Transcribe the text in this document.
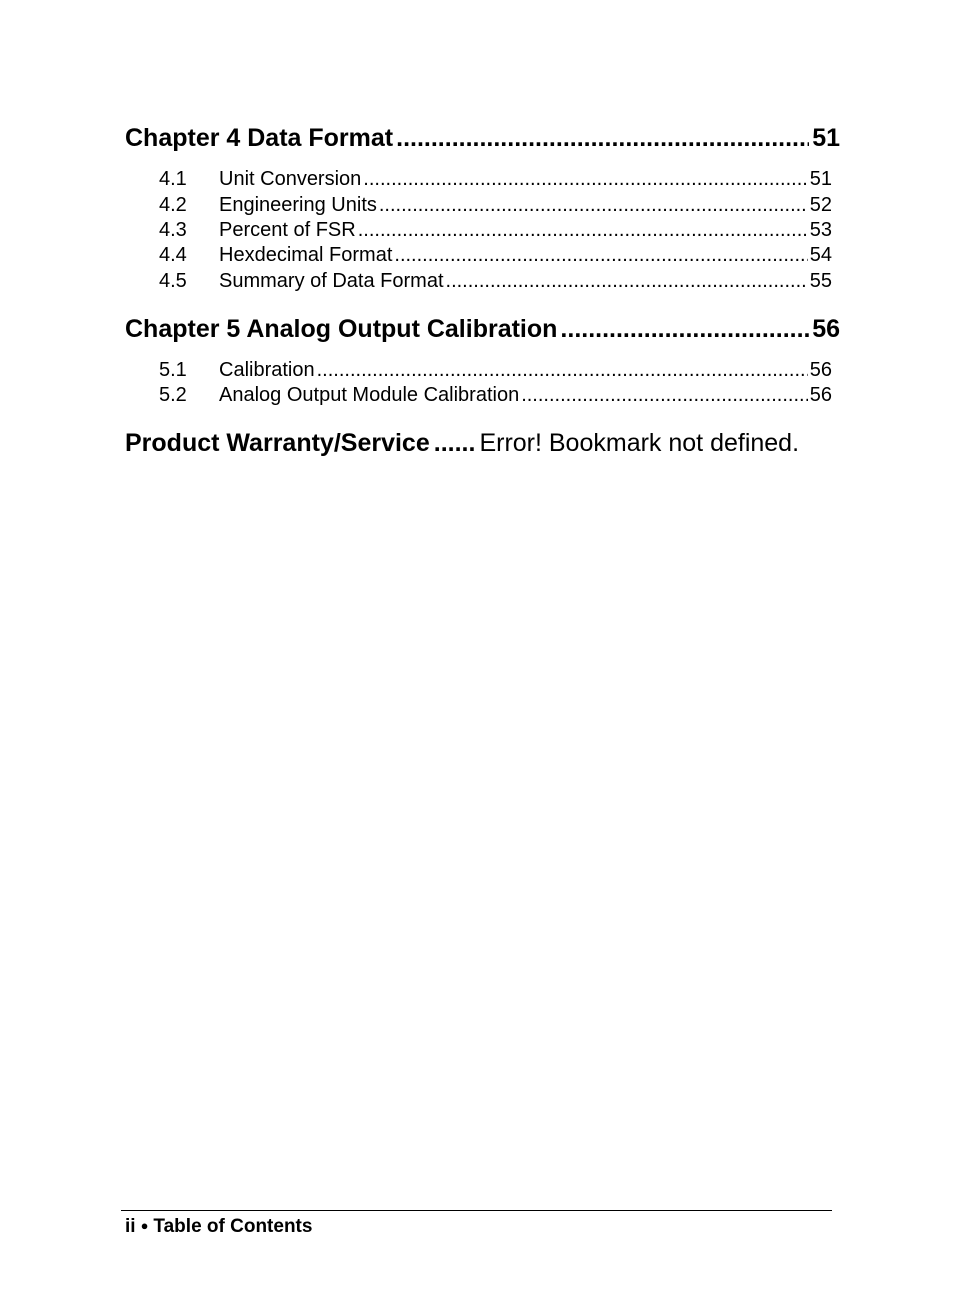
Chapter 4 Data Format .....	51
4.1	Unit Conversion .....	51
4.2	Engineering Units .....	52
4.3	Percent of FSR .....	53
4.4	Hexdecimal Format .....	54
4.5	Summary of Data Format .....	55
Chapter 5 Analog Output Calibration .....	56
5.1	Calibration .....	56
5.2	Analog Output Module Calibration .....	56
Product Warranty/Service ...... Error! Bookmark not defined.
ii ● Table of Contents
